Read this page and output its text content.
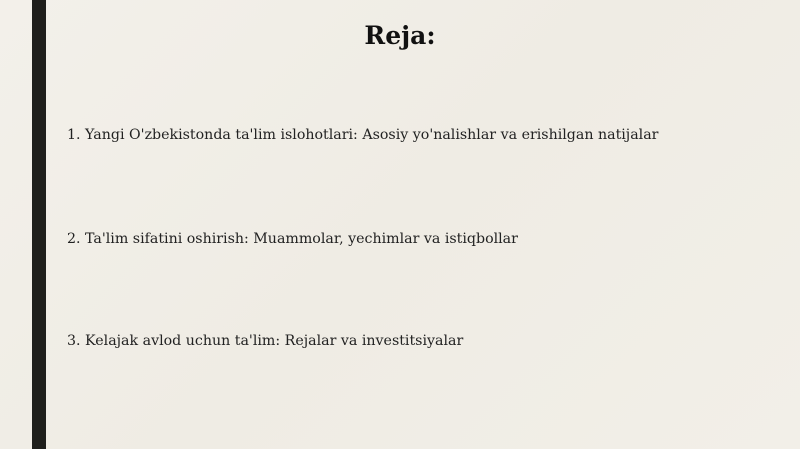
Reja:
1. Yangi O'zbekistonda ta'lim islohotlari: Asosiy yo'nalishlar va erishilgan natijalar
2. Ta'lim sifatini oshirish: Muammolar, yechimlar va istiqbollar
3. Kelajak avlod uchun ta'lim: Rejalar va investitsiyalar
